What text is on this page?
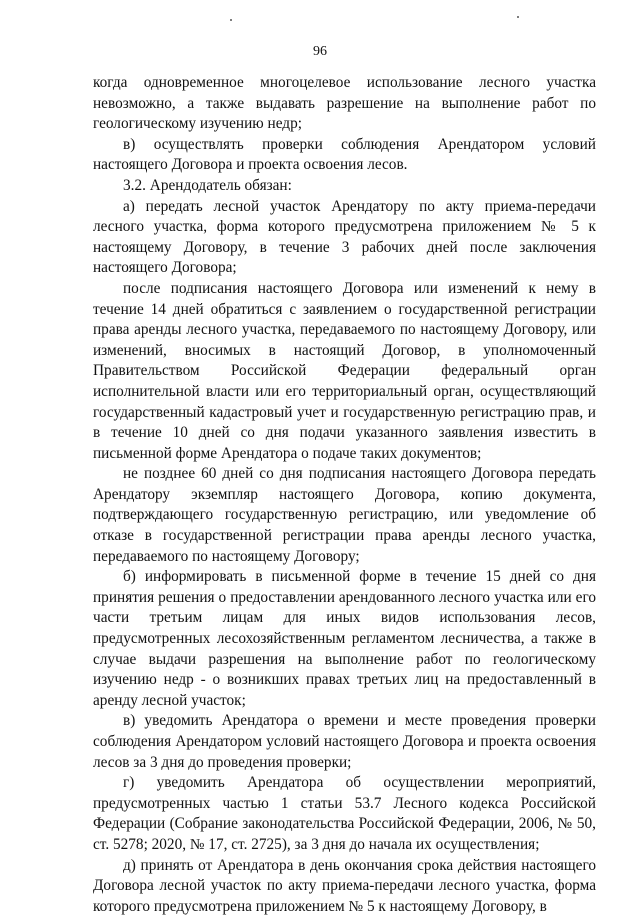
96

когда одновременное многоцелевое использование лесного участка невозможно, а также выдавать разрешение на выполнение работ по геологическому изучению недр;

в) осуществлять проверки соблюдения Арендатором условий настоящего Договора и проекта освоения лесов.

3.2. Арендодатель обязан:

а) передать лесной участок Арендатору по акту приема-передачи лесного участка, форма которого предусмотрена приложением № 5 к настоящему Договору, в течение 3 рабочих дней после заключения настоящего Договора;

после подписания настоящего Договора или изменений к нему в течение 14 дней обратиться с заявлением о государственной регистрации права аренды лесного участка, передаваемого по настоящему Договору, или изменений, вносимых в настоящий Договор, в уполномоченный Правительством Российской Федерации федеральный орган исполнительной власти или его территориальный орган, осуществляющий государственный кадастровый учет и государственную регистрацию прав, и в течение 10 дней со дня подачи указанного заявления известить в письменной форме Арендатора о подаче таких документов;

не позднее 60 дней со дня подписания настоящего Договора передать Арендатору экземпляр настоящего Договора, копию документа, подтверждающего государственную регистрацию, или уведомление об отказе в государственной регистрации права аренды лесного участка, передаваемого по настоящему Договору;

б) информировать в письменной форме в течение 15 дней со дня принятия решения о предоставлении арендованного лесного участка или его части третьим лицам для иных видов использования лесов, предусмотренных лесохозяйственным регламентом лесничества, а также в случае выдачи разрешения на выполнение работ по геологическому изучению недр - о возникших правах третьих лиц на предоставленный в аренду лесной участок;

в) уведомить Арендатора о времени и месте проведения проверки соблюдения Арендатором условий настоящего Договора и проекта освоения лесов за 3 дня до проведения проверки;

г) уведомить Арендатора об осуществлении мероприятий, предусмотренных частью 1 статьи 53.7 Лесного кодекса Российской Федерации (Собрание законодательства Российской Федерации, 2006, № 50, ст. 5278; 2020, № 17, ст. 2725), за 3 дня до начала их осуществления;

д) принять от Арендатора в день окончания срока действия настоящего Договора лесной участок по акту приема-передачи лесного участка, форма которого предусмотрена приложением № 5 к настоящему Договору, в
